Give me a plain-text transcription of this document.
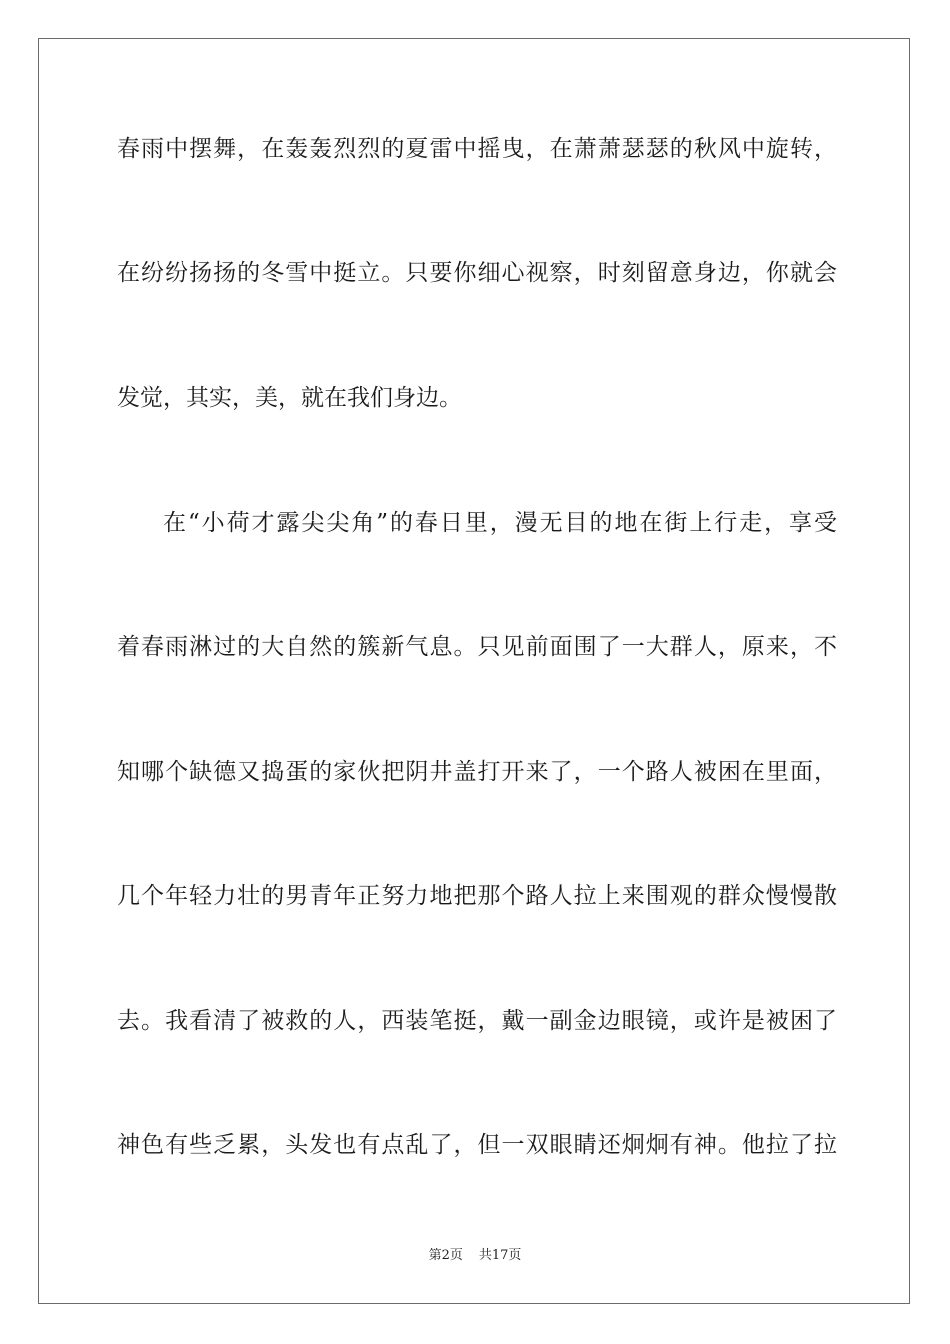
春雨中摆舞，在轰轰烈烈的夏雷中摇曳，在萧萧瑟瑟的秋风中旋转，
在纷纷扬扬的冬雪中挺立。只要你细心视察，时刻留意身边，你就会
发觉，其实，美，就在我们身边。
在“小荷才露尖尖角”的春日里，漫无目的地在街上行走，享受
着春雨淋过的大自然的簇新气息。只见前面围了一大群人，原来，不
知哪个缺德又捣蛋的家伙把阴井盖打开来了，一个路人被困在里面，
几个年轻力壮的男青年正努力地把那个路人拉上来围观的群众慢慢散
去。我看清了被救的人，西装笔挺，戴一副金边眼镜，或许是被困了
神色有些乏累，头发也有点乱了，但一双眼睛还炯炯有神。他拉了拉
第2页 共17页
